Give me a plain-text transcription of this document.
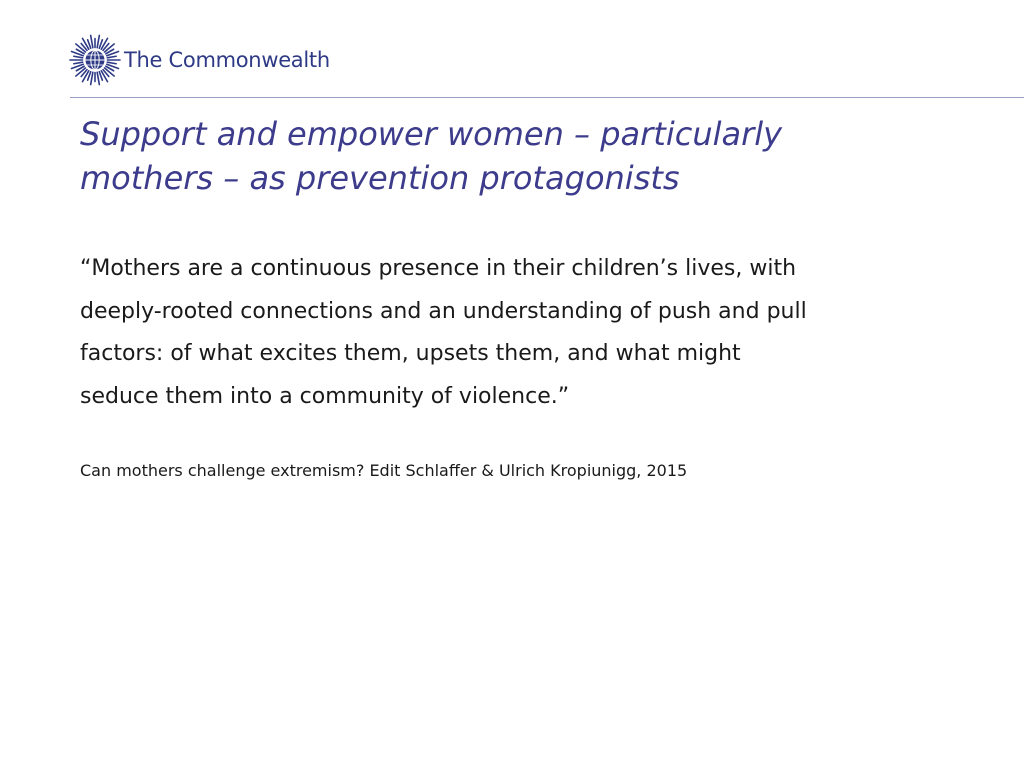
The Commonwealth
Support and empower women – particularly
mothers – as prevention protagonists

“Mothers are a continuous presence in their children’s lives, with
deeply-rooted connections and an understanding of push and pull
factors: of what excites them, upsets them, and what might
seduce them into a community of violence.”

Can mothers challenge extremism? Edit Schlaffer & Ulrich Kropiunigg, 2015
